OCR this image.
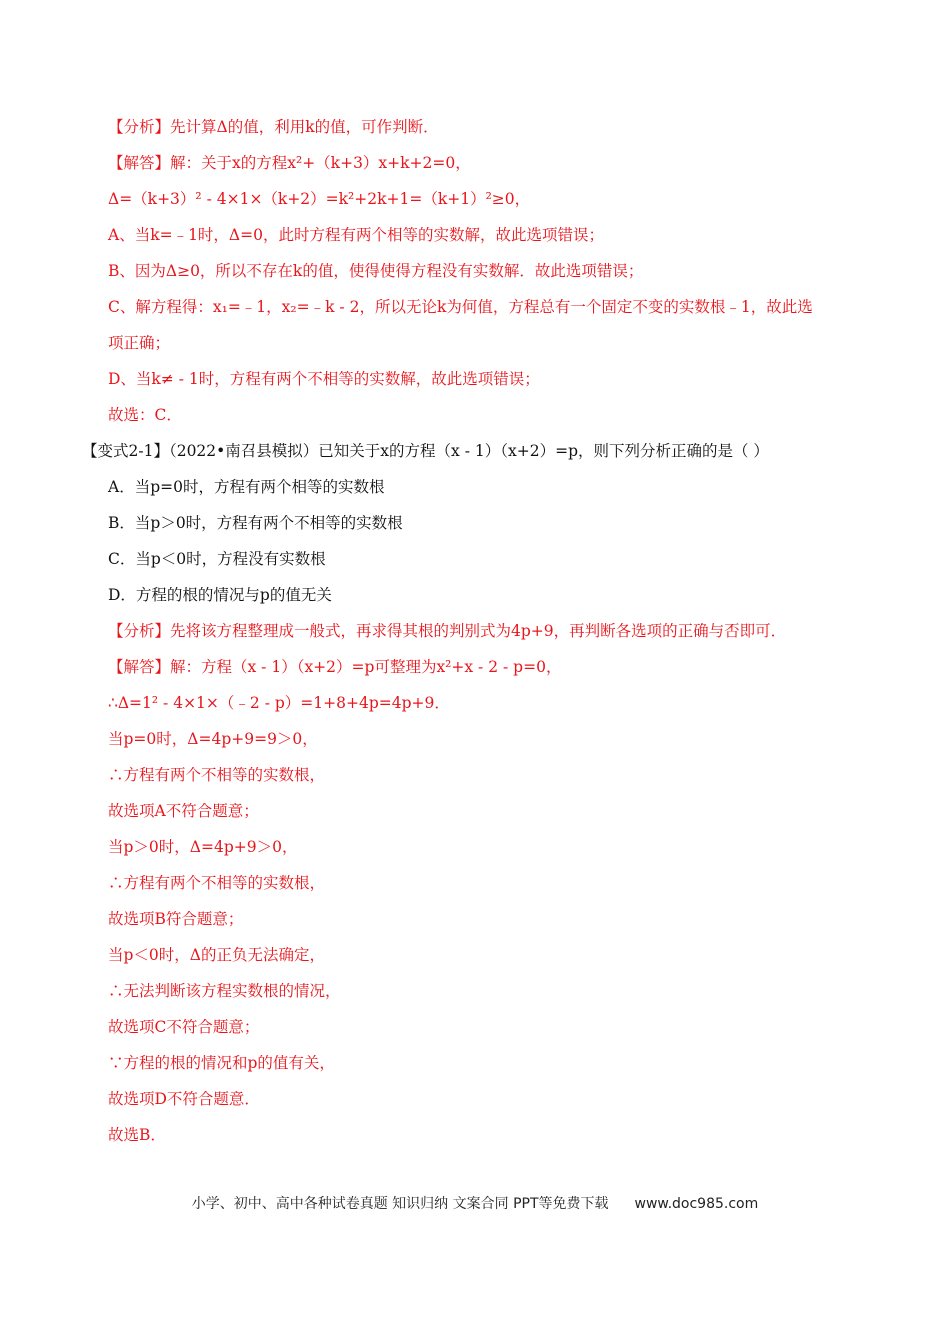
【分析】先计算Δ的值，利用k的值，可作判断．
【解答】解：关于x的方程x²+（k+3）x+k+2=0，
Δ=（k+3）² - 4×1×（k+2）=k²+2k+1=（k+1）²≥0，
A、当k=﹣1时，Δ=0，此时方程有两个相等的实数解，故此选项错误；
B、因为Δ≥0，所以不存在k的值，使得使得方程没有实数解．故此选项错误；
C、解方程得：x₁=﹣1，x₂=﹣k - 2，所以无论k为何值，方程总有一个固定不变的实数根﹣1，故此选
项正确；
D、当k≠ - 1时，方程有两个不相等的实数解，故此选项错误；
故选：C．
【变式2-1】（2022•南召县模拟）已知关于x的方程（x - 1）（x+2）=p，则下列分析正确的是（ ）
A．当p=0时，方程有两个相等的实数根
B．当p＞0时，方程有两个不相等的实数根
C．当p＜0时，方程没有实数根
D．方程的根的情况与p的值无关
【分析】先将该方程整理成一般式，再求得其根的判别式为4p+9，再判断各选项的正确与否即可．
【解答】解：方程（x - 1）（x+2）=p可整理为x²+x - 2 - p=0，
∴Δ=1² - 4×1×（﹣2 - p）=1+8+4p=4p+9．
当p=0时，Δ=4p+9=9＞0，
∴方程有两个不相等的实数根，
故选项A不符合题意；
当p＞0时，Δ=4p+9＞0，
∴方程有两个不相等的实数根，
故选项B符合题意；
当p＜0时，Δ的正负无法确定，
∴无法判断该方程实数根的情况，
故选项C不符合题意；
∵方程的根的情况和p的值有关，
故选项D不符合题意．
故选B．
小学、初中、高中各种试卷真题 知识归纳 文案合同 PPT等免费下载 www.doc985.com
